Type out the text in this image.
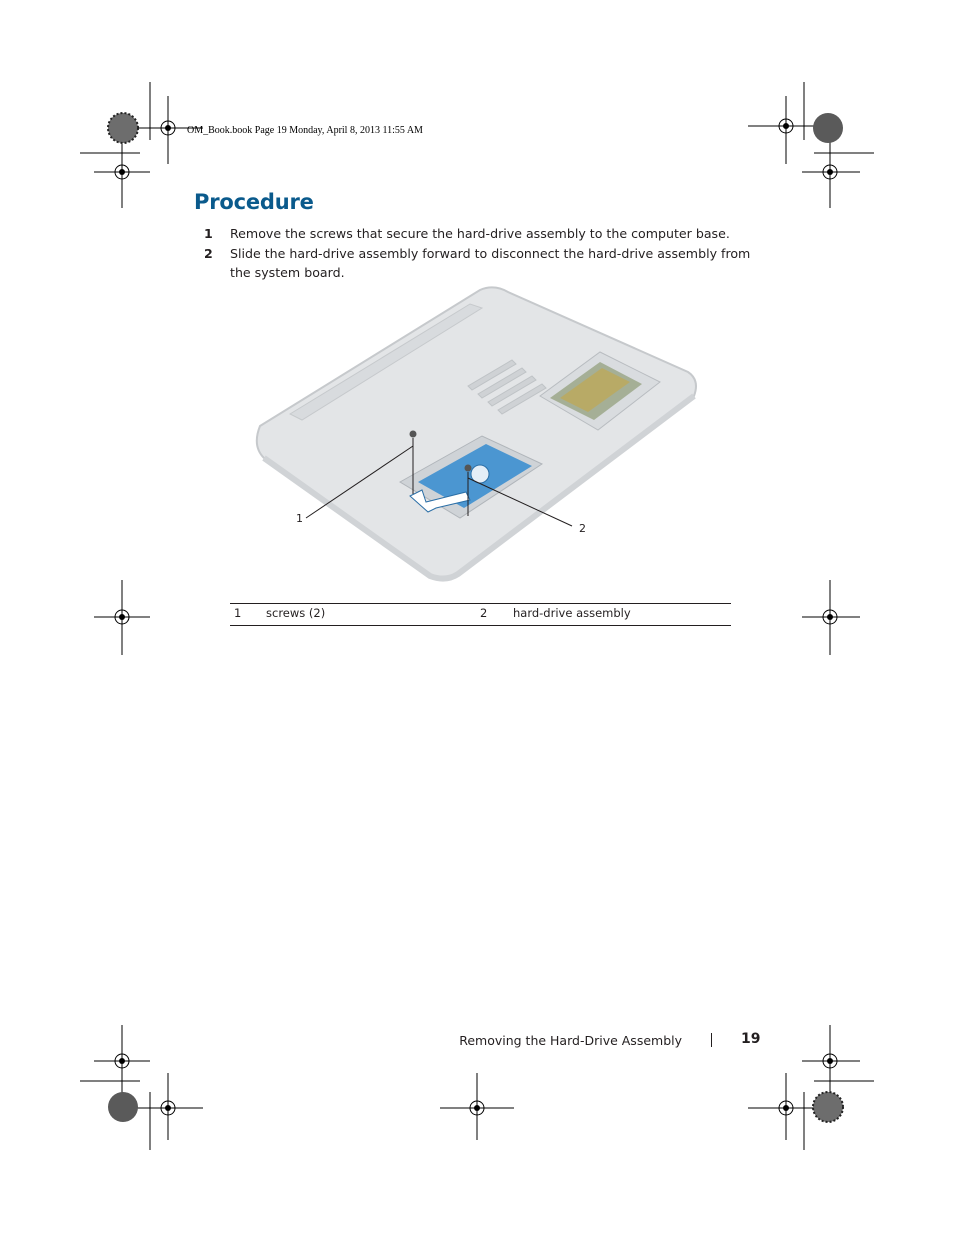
OM_Book.book Page 19 Monday, April 8, 2013 11:55 AM
Procedure
1 Remove the screws that secure the hard-drive assembly to the computer base.
2 Slide the hard-drive assembly forward to disconnect the hard-drive assembly from the system board.
1
2
1	screws (2)	2	hard-drive assembly
Removing the Hard-Drive Assembly	19
